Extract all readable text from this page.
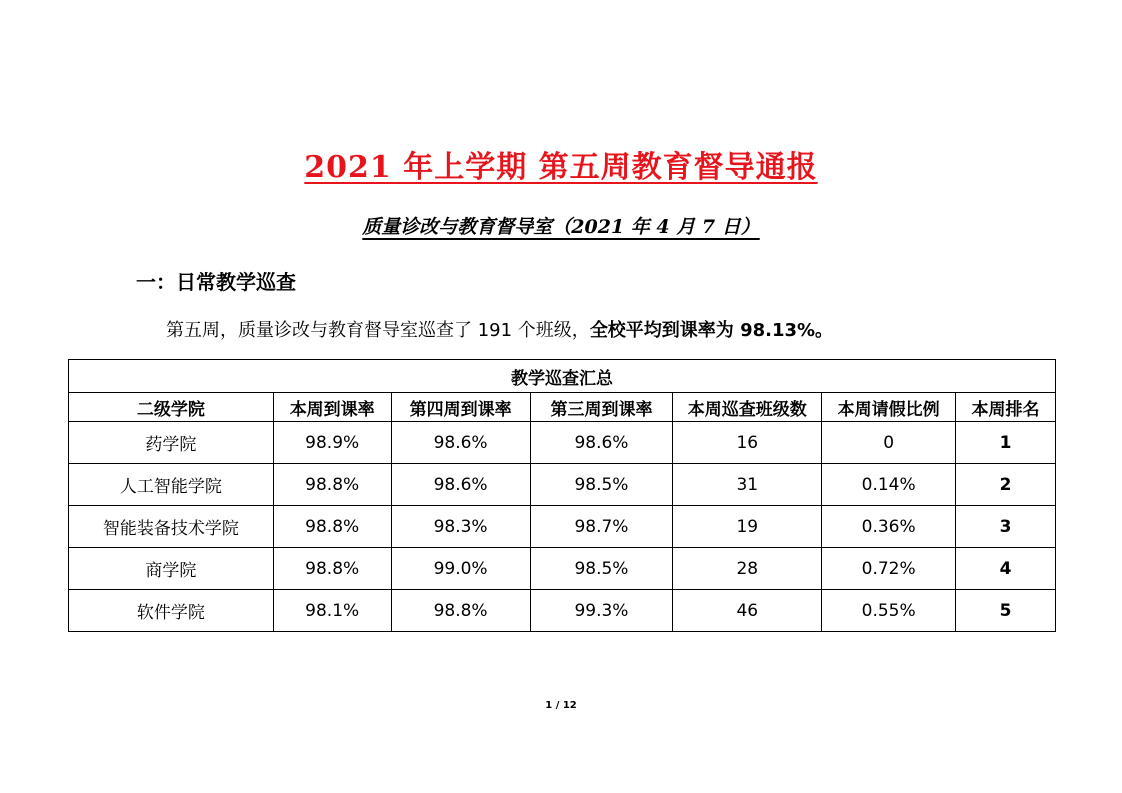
2021 年上学期 第五周教育督导通报
质量诊改与教育督导室（2021 年 4 月 7 日）
一：日常教学巡查
第五周，质量诊改与教育督导室巡查了 191 个班级，全校平均到课率为 98.13%。
教学巡查汇总						
二级学院	本周到课率	第四周到课率	第三周到课率	本周巡查班级数	本周请假比例	本周排名
药学院	98.9%	98.6%	98.6%	16	0	1
人工智能学院	98.8%	98.6%	98.5%	31	0.14%	2
智能装备技术学院	98.8%	98.3%	98.7%	19	0.36%	3
商学院	98.8%	99.0%	98.5%	28	0.72%	4
软件学院	98.1%	98.8%	99.3%	46	0.55%	5
1 / 12
